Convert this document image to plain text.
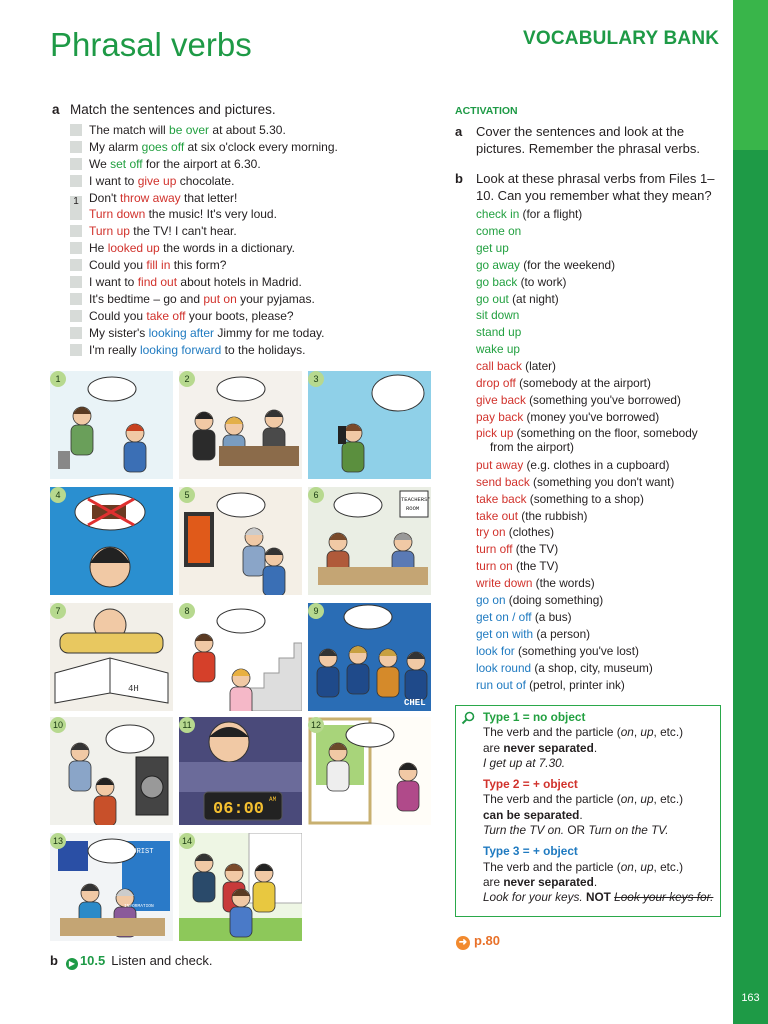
163
Phrasal verbs	VOCABULARY BANK
a Match the sentences and pictures.
The match will be over at about 5.30.
My alarm goes off at six o'clock every morning.
We set off for the airport at 6.30.
I want to give up chocolate.
1 Don't throw away that letter!
Turn down the music! It's very loud.
Turn up the TV! I can't hear.
He looked up the words in a dictionary.
Could you fill in this form?
I want to find out about hotels in Madrid.
It's bedtime – go and put on your pyjamas.
Could you take off your boots, please?
My sister's looking after Jimmy for me today.
I'm really looking forward to the holidays.
1	2	3
4	5	6	TEACHERS'
ROOM
7
4H
8	9
CHEL
10	11
06:00
AM
12
13
TOURIST
INFORMATION
14
b ▶ 10.5 Listen and check.
ACTIVATION
a Cover the sentences and look at the pictures. Remember the phrasal verbs.
b Look at these phrasal verbs from Files 1–10. Can you remember what they mean?
check in (for a flight)
come on
get up
go away (for the weekend)
go back (to work)
go out (at night)
sit down
stand up
wake up
call back (later)
drop off (somebody at the airport)
give back (something you've borrowed)
pay back (money you've borrowed)
pick up (something on the floor, somebody
from the airport)
put away (e.g. clothes in a cupboard)
send back (something you don't want)
take back (something to a shop)
take out (the rubbish)
try on (clothes)
turn off (the TV)
turn on (the TV)
write down (the words)
go on (doing something)
get on / off (a bus)
get on with (a person)
look for (something you've lost)
look round (a shop, city, museum)
run out of (petrol, printer ink)
Type 1 = no object
The verb and the particle (on, up, etc.)
are never separated.
I get up at 7.30.
Type 2 = + object
The verb and the particle (on, up, etc.)
can be separated.
Turn the TV on. OR Turn on the TV.
Type 3 = + object
The verb and the particle (on, up, etc.)
are never separated.
Look for your keys. NOT Look your keys for.
➜ p.80
